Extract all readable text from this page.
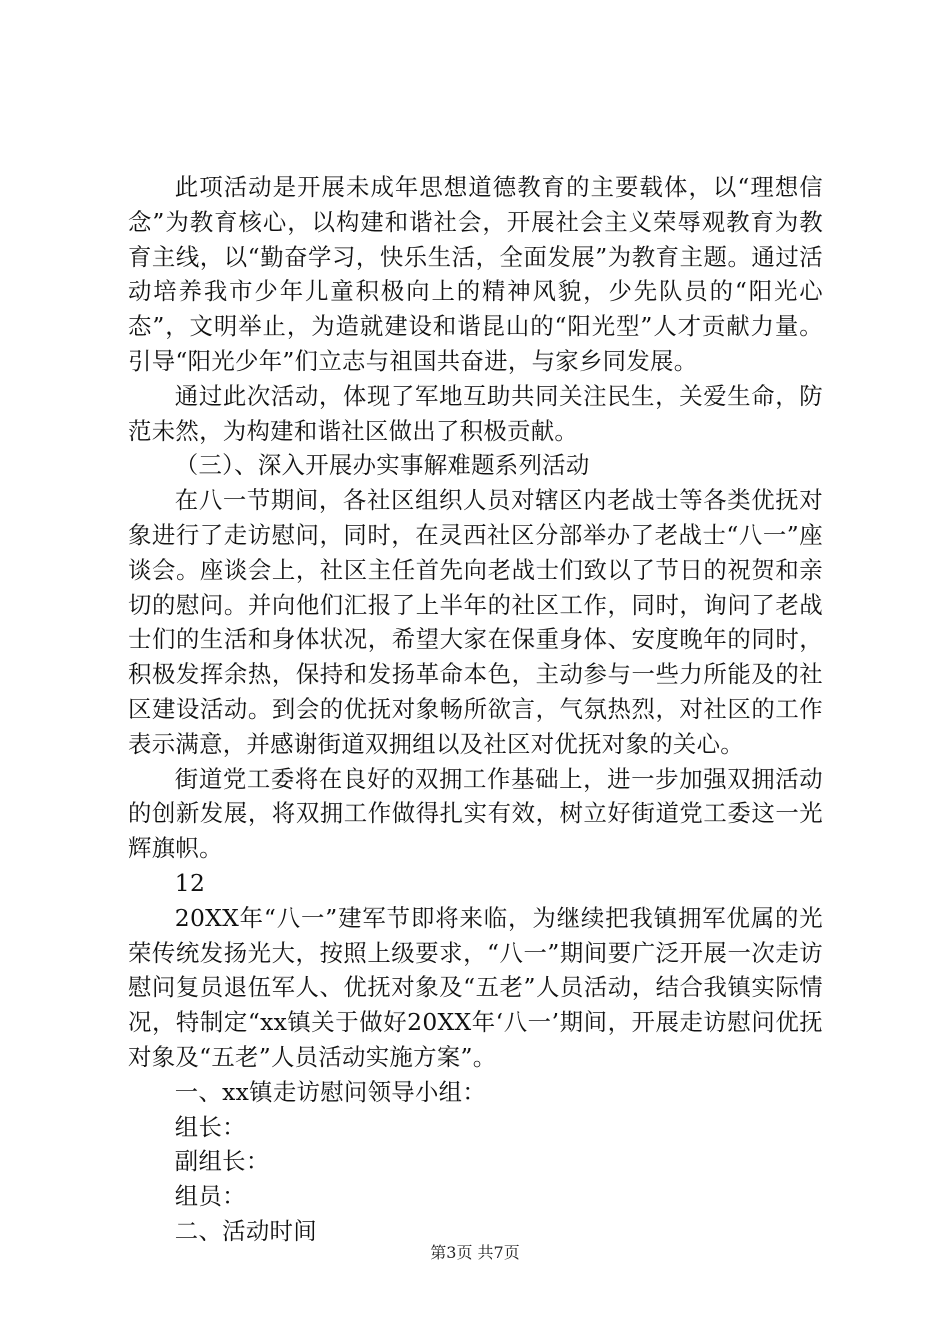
此项活动是开展未成年思想道德教育的主要载体，以“理想信念”为教育核心，以构建和谐社会，开展社会主义荣辱观教育为教育主线，以“勤奋学习，快乐生活，全面发展”为教育主题。通过活动培养我市少年儿童积极向上的精神风貌，少先队员的“阳光心态”，文明举止，为造就建设和谐昆山的“阳光型”人才贡献力量。引导“阳光少年”们立志与祖国共奋进，与家乡同发展。

通过此次活动，体现了军地互助共同关注民生，关爱生命，防范未然，为构建和谐社区做出了积极贡献。

（三）、深入开展办实事解难题系列活动

在八一节期间，各社区组织人员对辖区内老战士等各类优抚对象进行了走访慰问，同时，在灵西社区分部举办了老战士“八一”座谈会。座谈会上，社区主任首先向老战士们致以了节日的祝贺和亲切的慰问。并向他们汇报了上半年的社区工作，同时，询问了老战士们的生活和身体状况，希望大家在保重身体、安度晚年的同时，积极发挥余热，保持和发扬革命本色，主动参与一些力所能及的社区建设活动。到会的优抚对象畅所欲言，气氛热烈，对社区的工作表示满意，并感谢街道双拥组以及社区对优抚对象的关心。

街道党工委将在良好的双拥工作基础上，进一步加强双拥活动的创新发展，将双拥工作做得扎实有效，树立好街道党工委这一光辉旗帜。

12

20XX年“八一”建军节即将来临，为继续把我镇拥军优属的光荣传统发扬光大，按照上级要求，“八一”期间要广泛开展一次走访慰问复员退伍军人、优抚对象及“五老”人员活动，结合我镇实际情况，特制定“xx镇关于做好20XX年‘八一’期间，开展走访慰问优抚对象及“五老”人员活动实施方案”。

一、xx镇走访慰问领导小组：

组长：

副组长：

组员：

二、活动时间

第3页 共7页
